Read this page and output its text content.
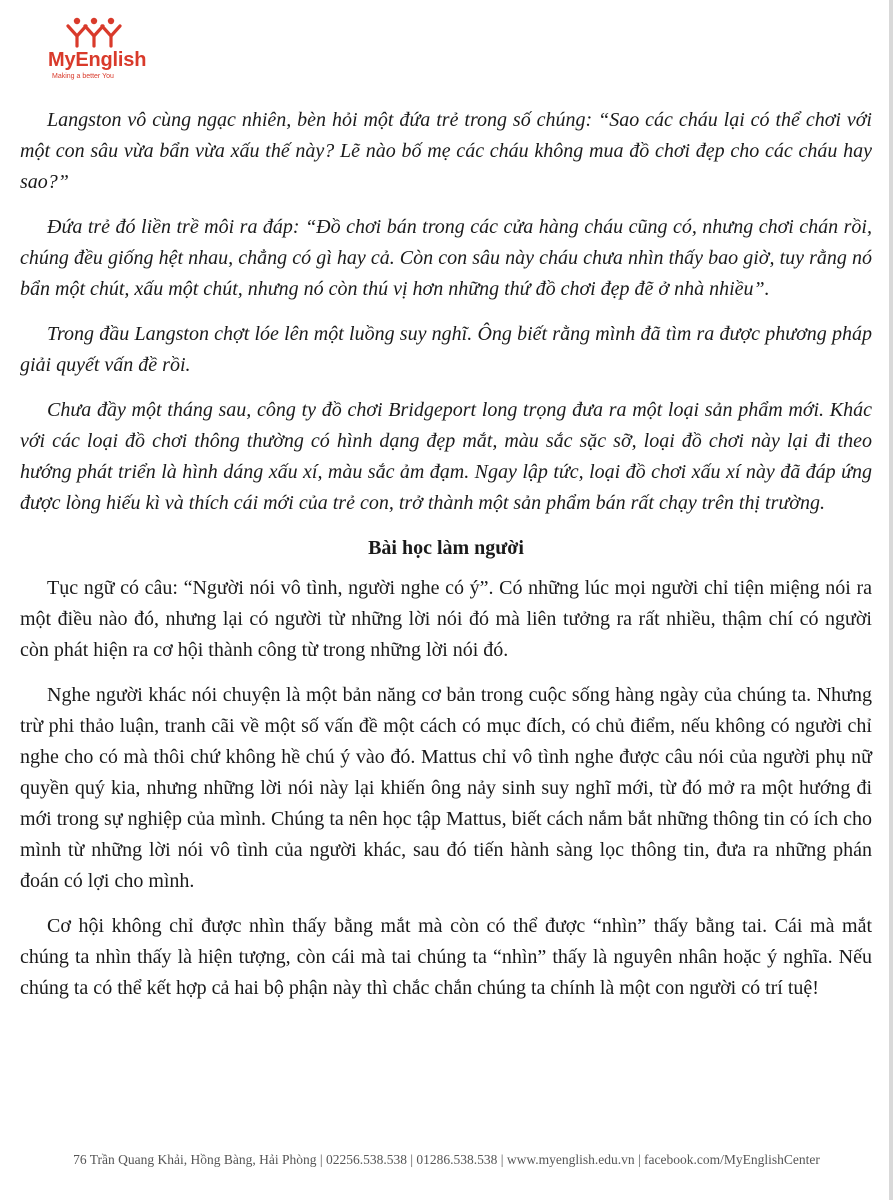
MyEnglish
Making a better You

Langston vô cùng ngạc nhiên, bèn hỏi một đứa trẻ trong số chúng: “Sao các cháu lại có thể chơi với một con sâu vừa bẩn vừa xấu thế này? Lẽ nào bố mẹ các cháu không mua đồ chơi đẹp cho các cháu hay sao?”

Đứa trẻ đó liền trề môi ra đáp: “Đồ chơi bán trong các cửa hàng cháu cũng có, nhưng chơi chán rồi, chúng đều giống hệt nhau, chẳng có gì hay cả. Còn con sâu này cháu chưa nhìn thấy bao giờ, tuy rằng nó bẩn một chút, xấu một chút, nhưng nó còn thú vị hơn những thứ đồ chơi đẹp đẽ ở nhà nhiều”.

Trong đầu Langston chợt lóe lên một luồng suy nghĩ. Ông biết rằng mình đã tìm ra được phương pháp giải quyết vấn đề rồi.

Chưa đầy một tháng sau, công ty đồ chơi Bridgeport long trọng đưa ra một loại sản phẩm mới. Khác với các loại đồ chơi thông thường có hình dạng đẹp mắt, màu sắc sặc sỡ, loại đồ chơi này lại đi theo hướng phát triển là hình dáng xấu xí, màu sắc ảm đạm. Ngay lập tức, loại đồ chơi xấu xí này đã đáp ứng được lòng hiếu kì và thích cái mới của trẻ con, trở thành một sản phẩm bán rất chạy trên thị trường.

Bài học làm người

Tục ngữ có câu: “Người nói vô tình, người nghe có ý”. Có những lúc mọi người chỉ tiện miệng nói ra một điều nào đó, nhưng lại có người từ những lời nói đó mà liên tưởng ra rất nhiều, thậm chí có người còn phát hiện ra cơ hội thành công từ trong những lời nói đó.

Nghe người khác nói chuyện là một bản năng cơ bản trong cuộc sống hàng ngày của chúng ta. Nhưng trừ phi thảo luận, tranh cãi về một số vấn đề một cách có mục đích, có chủ điểm, nếu không có người chỉ nghe cho có mà thôi chứ không hề chú ý vào đó. Mattus chỉ vô tình nghe được câu nói của người phụ nữ quyền quý kia, nhưng những lời nói này lại khiến ông nảy sinh suy nghĩ mới, từ đó mở ra một hướng đi mới trong sự nghiệp của mình. Chúng ta nên học tập Mattus, biết cách nắm bắt những thông tin có ích cho mình từ những lời nói vô tình của người khác, sau đó tiến hành sàng lọc thông tin, đưa ra những phán đoán có lợi cho mình.

Cơ hội không chỉ được nhìn thấy bằng mắt mà còn có thể được “nhìn” thấy bằng tai. Cái mà mắt chúng ta nhìn thấy là hiện tượng, còn cái mà tai chúng ta “nhìn” thấy là nguyên nhân hoặc ý nghĩa. Nếu chúng ta có thể kết hợp cả hai bộ phận này thì chắc chắn chúng ta chính là một con người có trí tuệ!

76 Trần Quang Khải, Hồng Bàng, Hải Phòng | 02256.538.538 | 01286.538.538 | www.myenglish.edu.vn | facebook.com/MyEnglishCenter
